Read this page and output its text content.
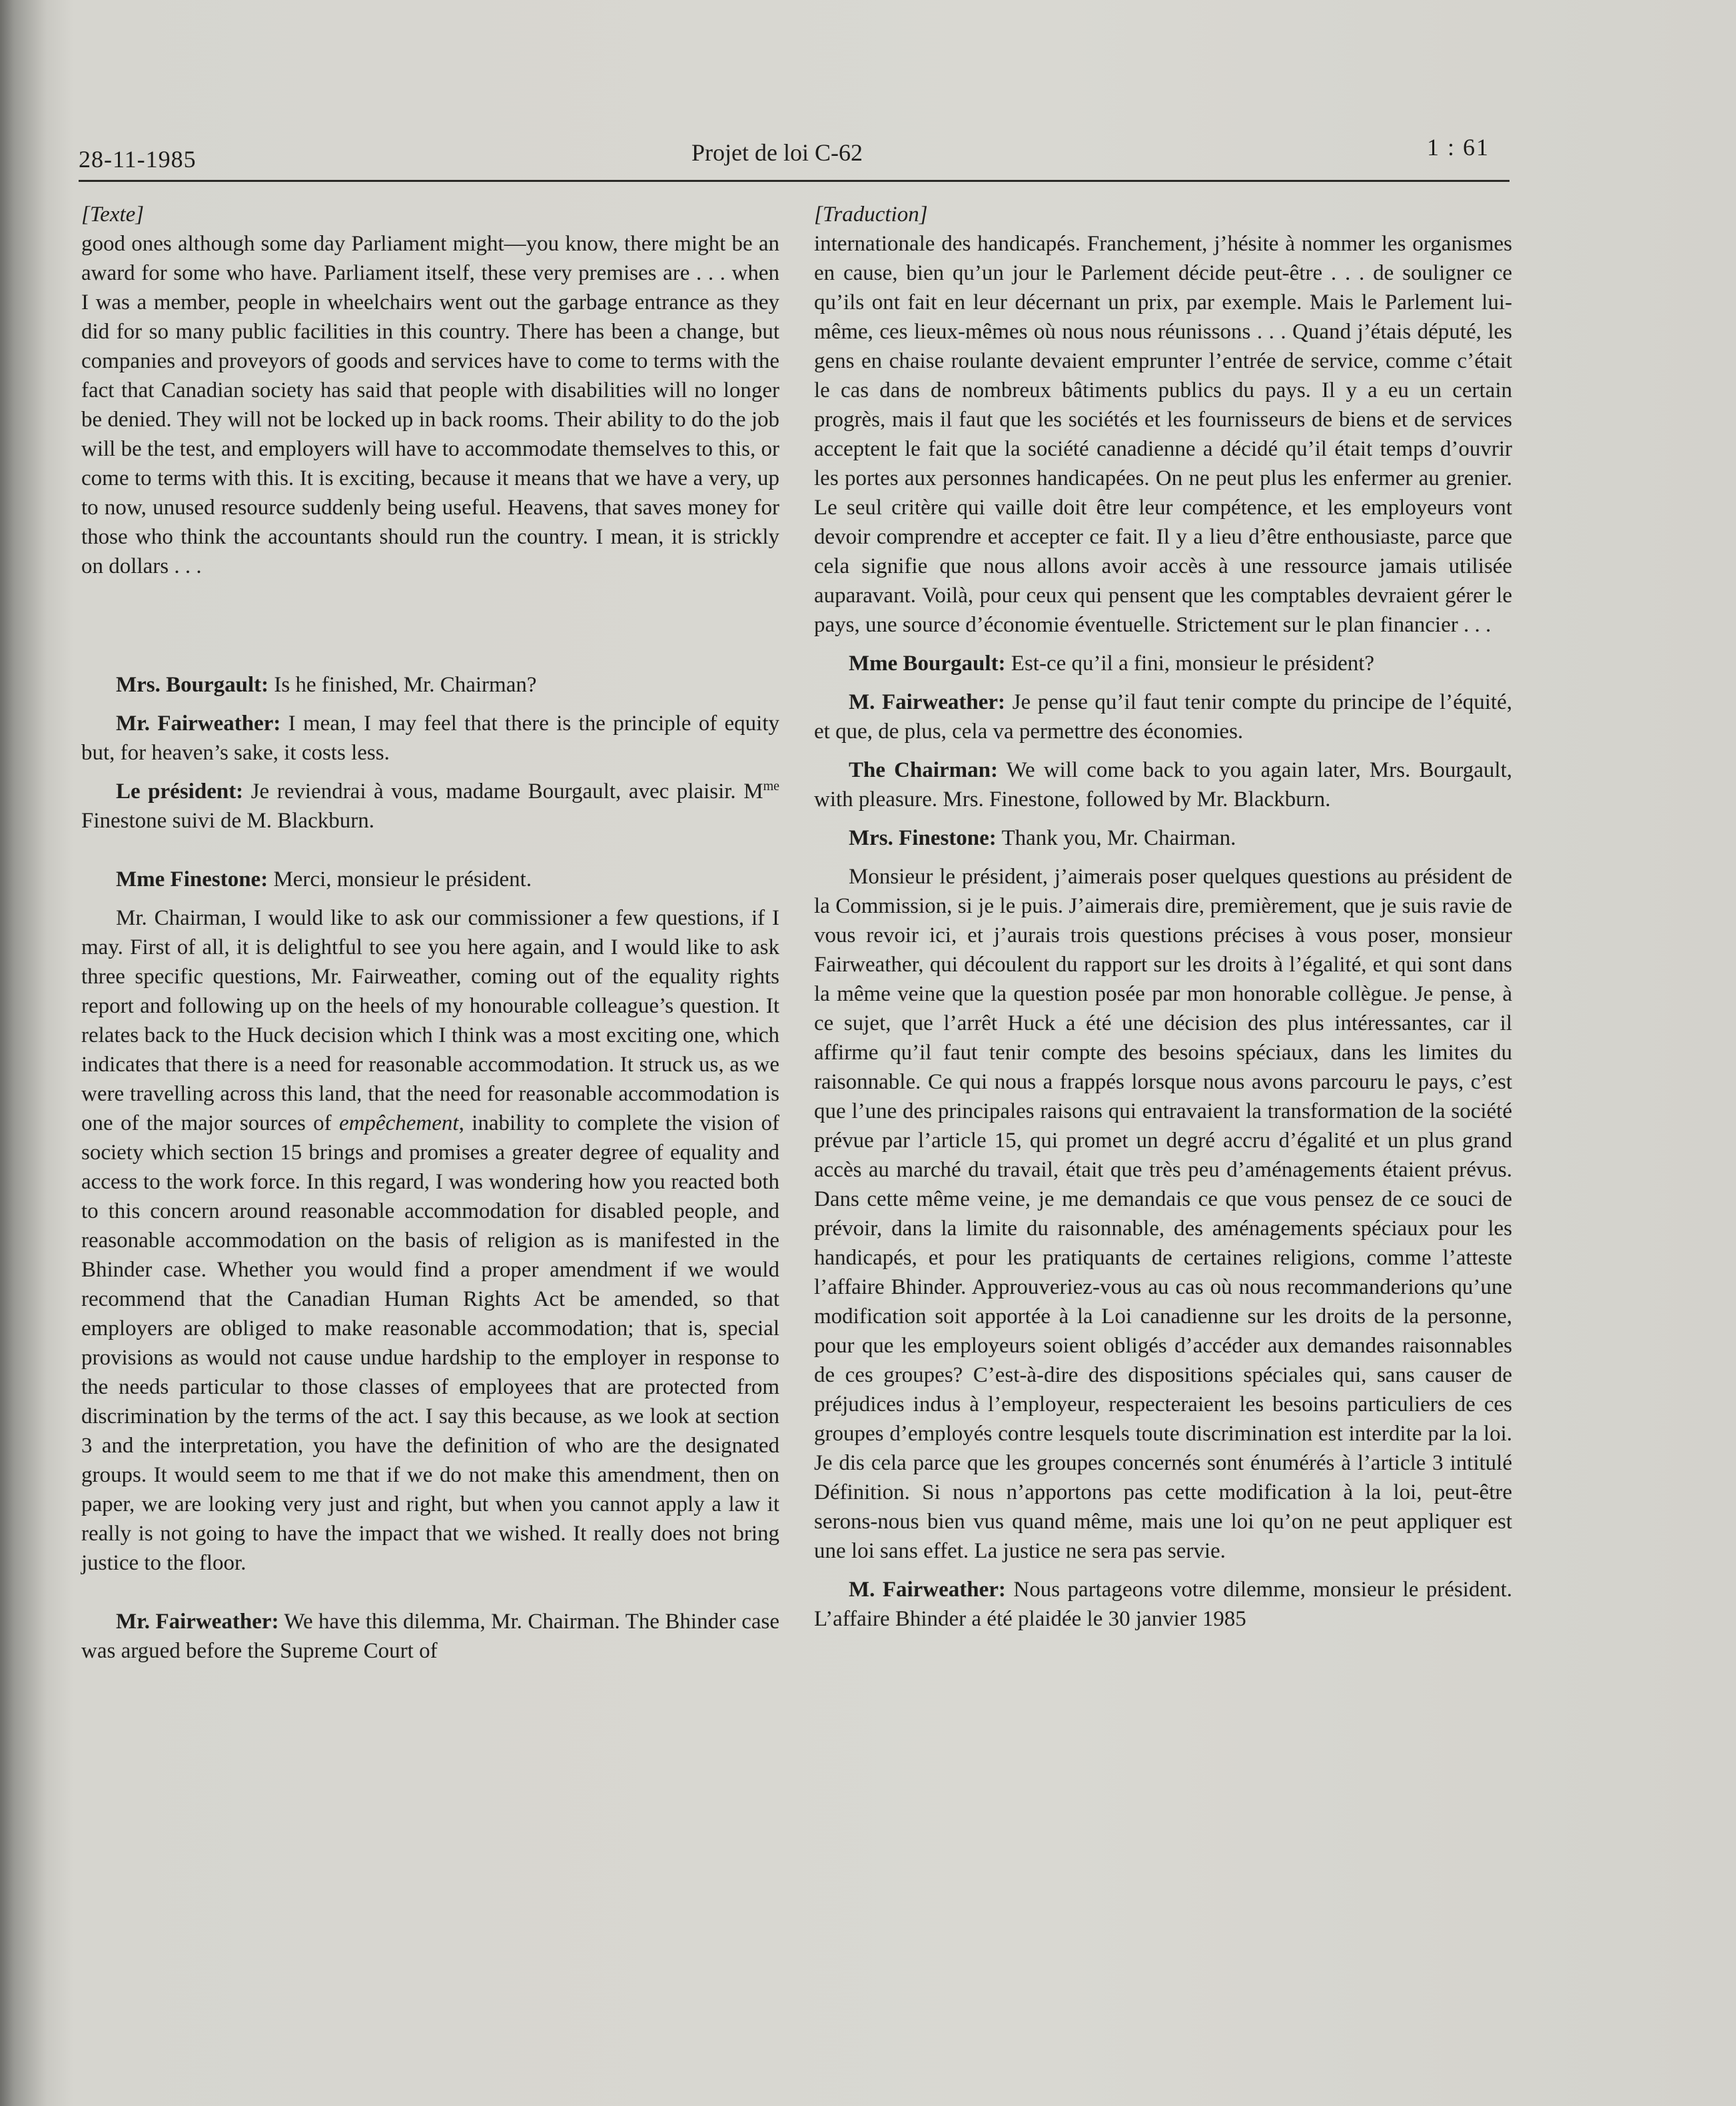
28-11-1985	Projet de loi C-62	1 : 61

[Texte]

good ones although some day Parliament might—you know, there might be an award for some who have. Parliament itself, these very premises are . . . when I was a member, people in wheelchairs went out the garbage entrance as they did for so many public facilities in this country. There has been a change, but companies and proveyors of goods and services have to come to terms with the fact that Canadian society has said that people with disabilities will no longer be denied. They will not be locked up in back rooms. Their ability to do the job will be the test, and employers will have to accommodate themselves to this, or come to terms with this. It is exciting, because it means that we have a very, up to now, unused resource suddenly being useful. Heavens, that saves money for those who think the accountants should run the country. I mean, it is strickly on dollars . . .

Mrs. Bourgault: Is he finished, Mr. Chairman?

Mr. Fairweather: I mean, I may feel that there is the principle of equity but, for heaven’s sake, it costs less.

Le président: Je reviendrai à vous, madame Bourgault, avec plaisir. $M^{me}$ Finestone suivi de M. Blackburn.

Mme Finestone: Merci, monsieur le président.

Mr. Chairman, I would like to ask our commissioner a few questions, if I may. First of all, it is delightful to see you here again, and I would like to ask three specific questions, Mr. Fairweather, coming out of the equality rights report and following up on the heels of my honourable colleague’s question. It relates back to the Huck decision which I think was a most exciting one, which indicates that there is a need for reasonable accommodation. It struck us, as we were travelling across this land, that the need for reasonable accommodation is one of the major sources of empêchement, inability to complete the vision of society which section 15 brings and promises a greater degree of equality and access to the work force. In this regard, I was wondering how you reacted both to this concern around reasonable accommodation for disabled people, and reasonable accommodation on the basis of religion as is manifested in the Bhinder case. Whether you would find a proper amendment if we would recommend that the Canadian Human Rights Act be amended, so that employers are obliged to make reasonable accommodation; that is, special provisions as would not cause undue hardship to the employer in response to the needs particular to those classes of employees that are protected from discrimination by the terms of the act. I say this because, as we look at section 3 and the interpretation, you have the definition of who are the designated groups. It would seem to me that if we do not make this amendment, then on paper, we are looking very just and right, but when you cannot apply a law it really is not going to have the impact that we wished. It really does not bring justice to the floor.

Mr. Fairweather: We have this dilemma, Mr. Chairman. The Bhinder case was argued before the Supreme Court of

[Traduction]

internationale des handicapés. Franchement, j’hésite à nommer les organismes en cause, bien qu’un jour le Parlement décide peut-être . . . de souligner ce qu’ils ont fait en leur décernant un prix, par exemple. Mais le Parlement lui-même, ces lieux-mêmes où nous nous réunissons . . . Quand j’étais député, les gens en chaise roulante devaient emprunter l’entrée de service, comme c’était le cas dans de nombreux bâtiments publics du pays. Il y a eu un certain progrès, mais il faut que les sociétés et les fournisseurs de biens et de services acceptent le fait que la société canadienne a décidé qu’il était temps d’ouvrir les portes aux personnes handicapées. On ne peut plus les enfermer au grenier. Le seul critère qui vaille doit être leur compétence, et les employeurs vont devoir comprendre et accepter ce fait. Il y a lieu d’être enthousiaste, parce que cela signifie que nous allons avoir accès à une ressource jamais utilisée auparavant. Voilà, pour ceux qui pensent que les comptables devraient gérer le pays, une source d’économie éventuelle. Strictement sur le plan financier . . .

Mme Bourgault: Est-ce qu’il a fini, monsieur le président?

M. Fairweather: Je pense qu’il faut tenir compte du principe de l’équité, et que, de plus, cela va permettre des économies.

The Chairman: We will come back to you again later, Mrs. Bourgault, with pleasure. Mrs. Finestone, followed by Mr. Blackburn.

Mrs. Finestone: Thank you, Mr. Chairman.

Monsieur le président, j’aimerais poser quelques questions au président de la Commission, si je le puis. J’aimerais dire, premièrement, que je suis ravie de vous revoir ici, et j’aurais trois questions précises à vous poser, monsieur Fairweather, qui découlent du rapport sur les droits à l’égalité, et qui sont dans la même veine que la question posée par mon honorable collègue. Je pense, à ce sujet, que l’arrêt Huck a été une décision des plus intéressantes, car il affirme qu’il faut tenir compte des besoins spéciaux, dans les limites du raisonnable. Ce qui nous a frappés lorsque nous avons parcouru le pays, c’est que l’une des principales raisons qui entravaient la transformation de la société prévue par l’article 15, qui promet un degré accru d’égalité et un plus grand accès au marché du travail, était que très peu d’aménagements étaient prévus. Dans cette même veine, je me demandais ce que vous pensez de ce souci de prévoir, dans la limite du raisonnable, des aménagements spéciaux pour les handicapés, et pour les pratiquants de certaines religions, comme l’atteste l’affaire Bhinder. Approuveriez-vous au cas où nous recommanderions qu’une modification soit apportée à la Loi canadienne sur les droits de la personne, pour que les employeurs soient obligés d’accéder aux demandes raisonnables de ces groupes? C’est-à-dire des dispositions spéciales qui, sans causer de préjudices indus à l’employeur, respecteraient les besoins particuliers de ces groupes d’employés contre lesquels toute discrimination est interdite par la loi. Je dis cela parce que les groupes concernés sont énumérés à l’article 3 intitulé Définition. Si nous n’apportons pas cette modification à la loi, peut-être serons-nous bien vus quand même, mais une loi qu’on ne peut appliquer est une loi sans effet. La justice ne sera pas servie.

M. Fairweather: Nous partageons votre dilemme, monsieur le président. L’affaire Bhinder a été plaidée le 30 janvier 1985
